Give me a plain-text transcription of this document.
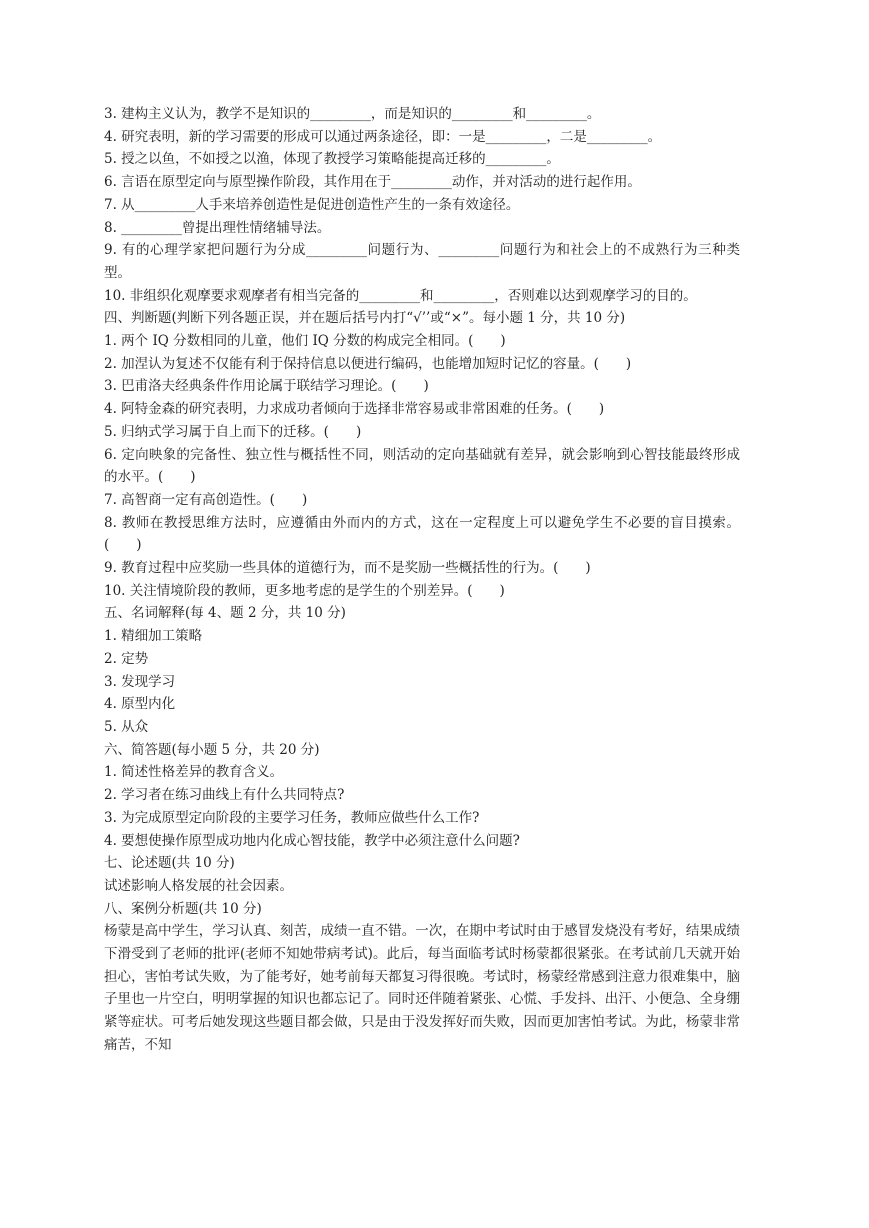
3. 建构主义认为，教学不是知识的_________，而是知识的_________和_________。
4. 研究表明，新的学习需要的形成可以通过两条途径，即：一是_________，二是_________。
5. 授之以鱼，不如授之以渔，体现了教授学习策略能提高迁移的_________。
6. 言语在原型定向与原型操作阶段，其作用在于_________动作，并对活动的进行起作用。
7. 从_________人手来培养创造性是促进创造性产生的一条有效途径。
8. _________曾提出理性情绪辅导法。
9. 有的心理学家把问题行为分成_________问题行为、_________问题行为和社会上的不成熟行为三种类型。
10. 非组织化观摩要求观摩者有相当完备的_________和_________，否则难以达到观摩学习的目的。
四、判断题(判断下列各题正误，并在题后括号内打“√’’或“×”。每小题 1 分，共 10 分)
1. 两个 IQ 分数相同的儿童，他们 IQ 分数的构成完全相同。(　　)
2. 加涅认为复述不仅能有利于保持信息以便进行编码，也能增加短时记忆的容量。(　　)
3. 巴甫洛夫经典条件作用论属于联结学习理论。(　　)
4. 阿特金森的研究表明，力求成功者倾向于选择非常容易或非常困难的任务。(　　)
5. 归纳式学习属于自上而下的迁移。(　　)
6. 定向映象的完备性、独立性与概括性不同，则活动的定向基础就有差异，就会影响到心智技能最终形成的水平。(　　)
7. 高智商一定有高创造性。(　　)
8. 教师在教授思维方法时，应遵循由外而内的方式，这在一定程度上可以避免学生不必要的盲目摸索。(　　)
9. 教育过程中应奖励一些具体的道德行为，而不是奖励一些概括性的行为。(　　)
10. 关注情境阶段的教师，更多地考虑的是学生的个别差异。(　　)
五、名词解释(每 4、题 2 分，共 10 分)
1. 精细加工策略
2. 定势
3. 发现学习
4. 原型内化
5. 从众
六、简答题(每小题 5 分，共 20 分)
1. 简述性格差异的教育含义。
2. 学习者在练习曲线上有什么共同特点?
3. 为完成原型定向阶段的主要学习任务，教师应做些什么工作?
4. 要想使操作原型成功地内化成心智技能，教学中必须注意什么问题?
七、论述题(共 10 分)
试述影响人格发展的社会因素。
八、案例分析题(共 10 分)
杨蒙是高中学生，学习认真、刻苦，成绩一直不错。一次，在期中考试时由于感冒发烧没有考好，结果成绩下滑受到了老师的批评(老师不知她带病考试)。此后，每当面临考试时杨蒙都很紧张。在考试前几天就开始担心，害怕考试失败，为了能考好，她考前每天都复习得很晚。考试时，杨蒙经常感到注意力很难集中，脑子里也一片空白，明明掌握的知识也都忘记了。同时还伴随着紧张、心慌、手发抖、出汗、小便急、全身绷紧等症状。可考后她发现这些题目都会做，只是由于没发挥好而失败，因而更加害怕考试。为此，杨蒙非常痛苦，不知
